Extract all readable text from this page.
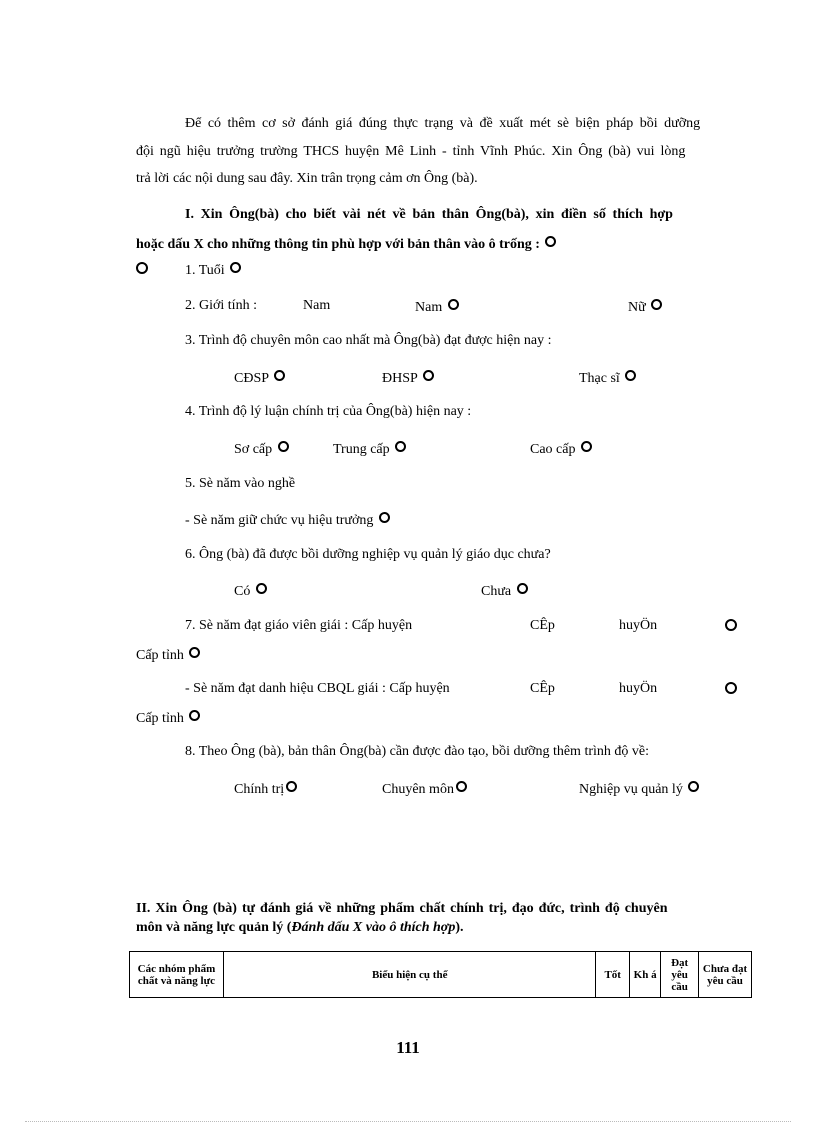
Để có thêm cơ sở đánh giá đúng thực trạng và đề xuất mét sè biện pháp bồi dưỡng
đội ngũ hiệu trưởng trường THCS huyện Mê Linh - tỉnh Vĩnh Phúc. Xin Ông (bà) vui lòng
trả lời các nội dung sau đây. Xin trân trọng cảm ơn Ông (bà).
I. Xin Ông(bà) cho biết vài nét về bản thân Ông(bà), xin điền số thích hợp
hoặc dấu X cho những thông tin phù hợp với bản thân vào ô trống :
1. Tuổi
2. Giới tính :	Nam	Nam	Nữ
3. Trình độ chuyên môn cao nhất mà Ông(bà) đạt được hiện nay :
CĐSP	ĐHSP	Thạc sĩ
4. Trình độ lý luận chính trị của Ông(bà) hiện nay :
Sơ cấp	Trung cấp	Cao cấp
5. Sè năm vào nghề
- Sè năm giữ chức vụ hiệu trưởng
6. Ông (bà) đã được bồi dưỡng nghiệp vụ quản lý giáo dục chưa?
Có	Chưa
7. Sè năm đạt giáo viên giái : Cấp huyện	CÊp	huyÖn
Cấp tỉnh
- Sè năm đạt danh hiệu CBQL giái : Cấp huyện	CÊp	huyÖn
Cấp tỉnh
8. Theo Ông (bà), bản thân Ông(bà) cần được đào tạo, bồi dưỡng thêm trình độ về:
Chính trị	Chuyên môn	Nghiệp vụ quản lý
II. Xin Ông (bà) tự đánh giá về những phẩm chất chính trị, đạo đức, trình độ chuyên
môn và năng lực quản lý (Đánh dấu X vào ô thích hợp).
Các nhóm phẩm chất và năng lực	Biểu hiện cụ thể	Tốt	Kh á	Đạt yêu cầu	Chưa đạt yêu cầu
111
